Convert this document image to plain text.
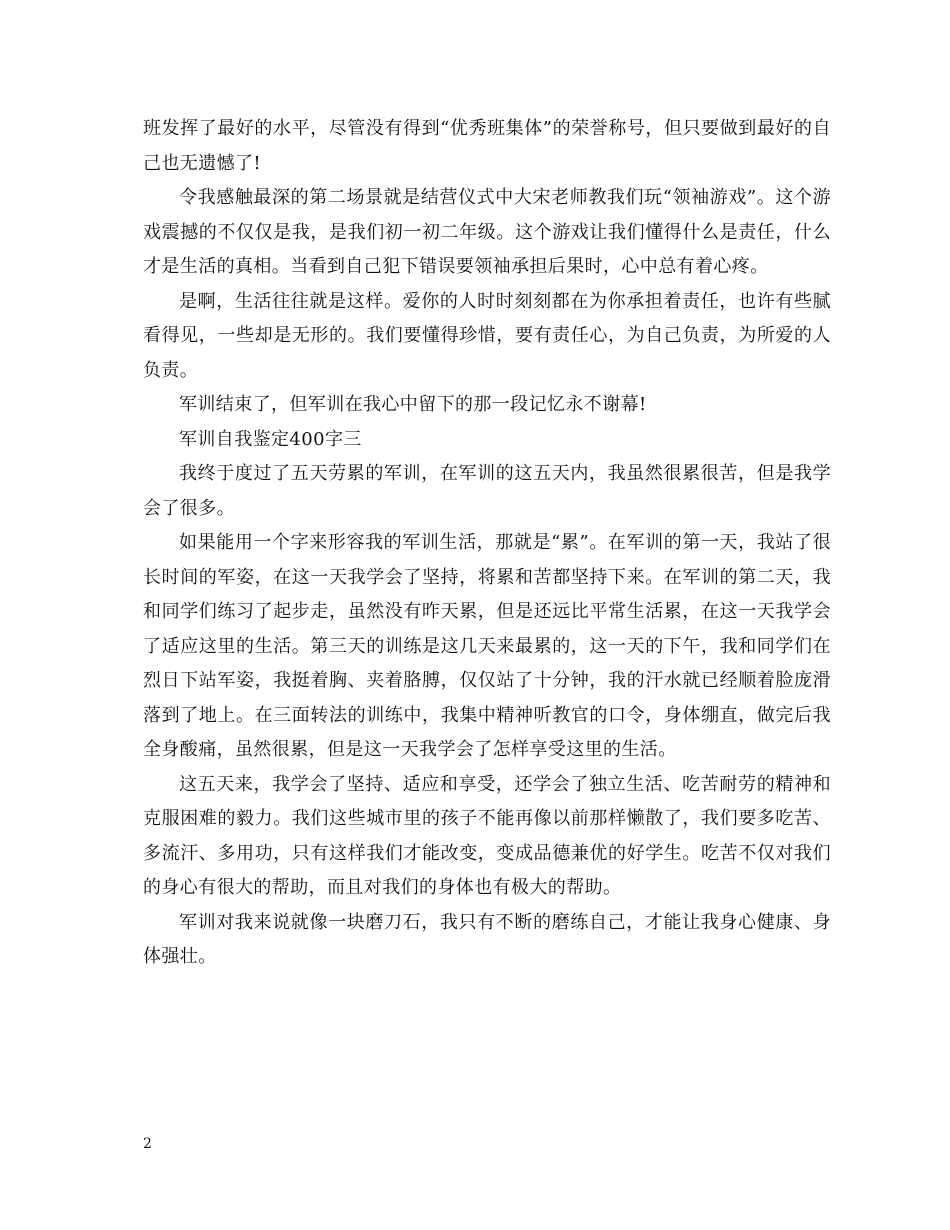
班发挥了最好的水平，尽管没有得到“优秀班集体”的荣誉称号，但只要做到最好的自己也无遗憾了!

令我感触最深的第二场景就是结营仪式中大宋老师教我们玩“领袖游戏”。这个游戏震撼的不仅仅是我，是我们初一初二年级。这个游戏让我们懂得什么是责任，什么才是生活的真相。当看到自己犯下错误要领袖承担后果时，心中总有着心疼。

是啊，生活往往就是这样。爱你的人时时刻刻都在为你承担着责任，也许有些腻看得见，一些却是无形的。我们要懂得珍惜，要有责任心，为自己负责，为所爱的人负责。

军训结束了，但军训在我心中留下的那一段记忆永不谢幕!

军训自我鉴定400字三

我终于度过了五天劳累的军训，在军训的这五天内，我虽然很累很苦，但是我学会了很多。

如果能用一个字来形容我的军训生活，那就是“累”。在军训的第一天，我站了很长时间的军姿，在这一天我学会了坚持，将累和苦都坚持下来。在军训的第二天，我和同学们练习了起步走，虽然没有昨天累，但是还远比平常生活累，在这一天我学会了适应这里的生活。第三天的训练是这几天来最累的，这一天的下午，我和同学们在烈日下站军姿，我挺着胸、夹着胳膊，仅仅站了十分钟，我的汗水就已经顺着脸庞滑落到了地上。在三面转法的训练中，我集中精神听教官的口令，身体绷直，做完后我全身酸痛，虽然很累，但是这一天我学会了怎样享受这里的生活。

这五天来，我学会了坚持、适应和享受，还学会了独立生活、吃苦耐劳的精神和克服困难的毅力。我们这些城市里的孩子不能再像以前那样懒散了，我们要多吃苦、多流汗、多用功，只有这样我们才能改变，变成品德兼优的好学生。吃苦不仅对我们的身心有很大的帮助，而且对我们的身体也有极大的帮助。

军训对我来说就像一块磨刀石，我只有不断的磨练自己，才能让我身心健康、身体强壮。

2
